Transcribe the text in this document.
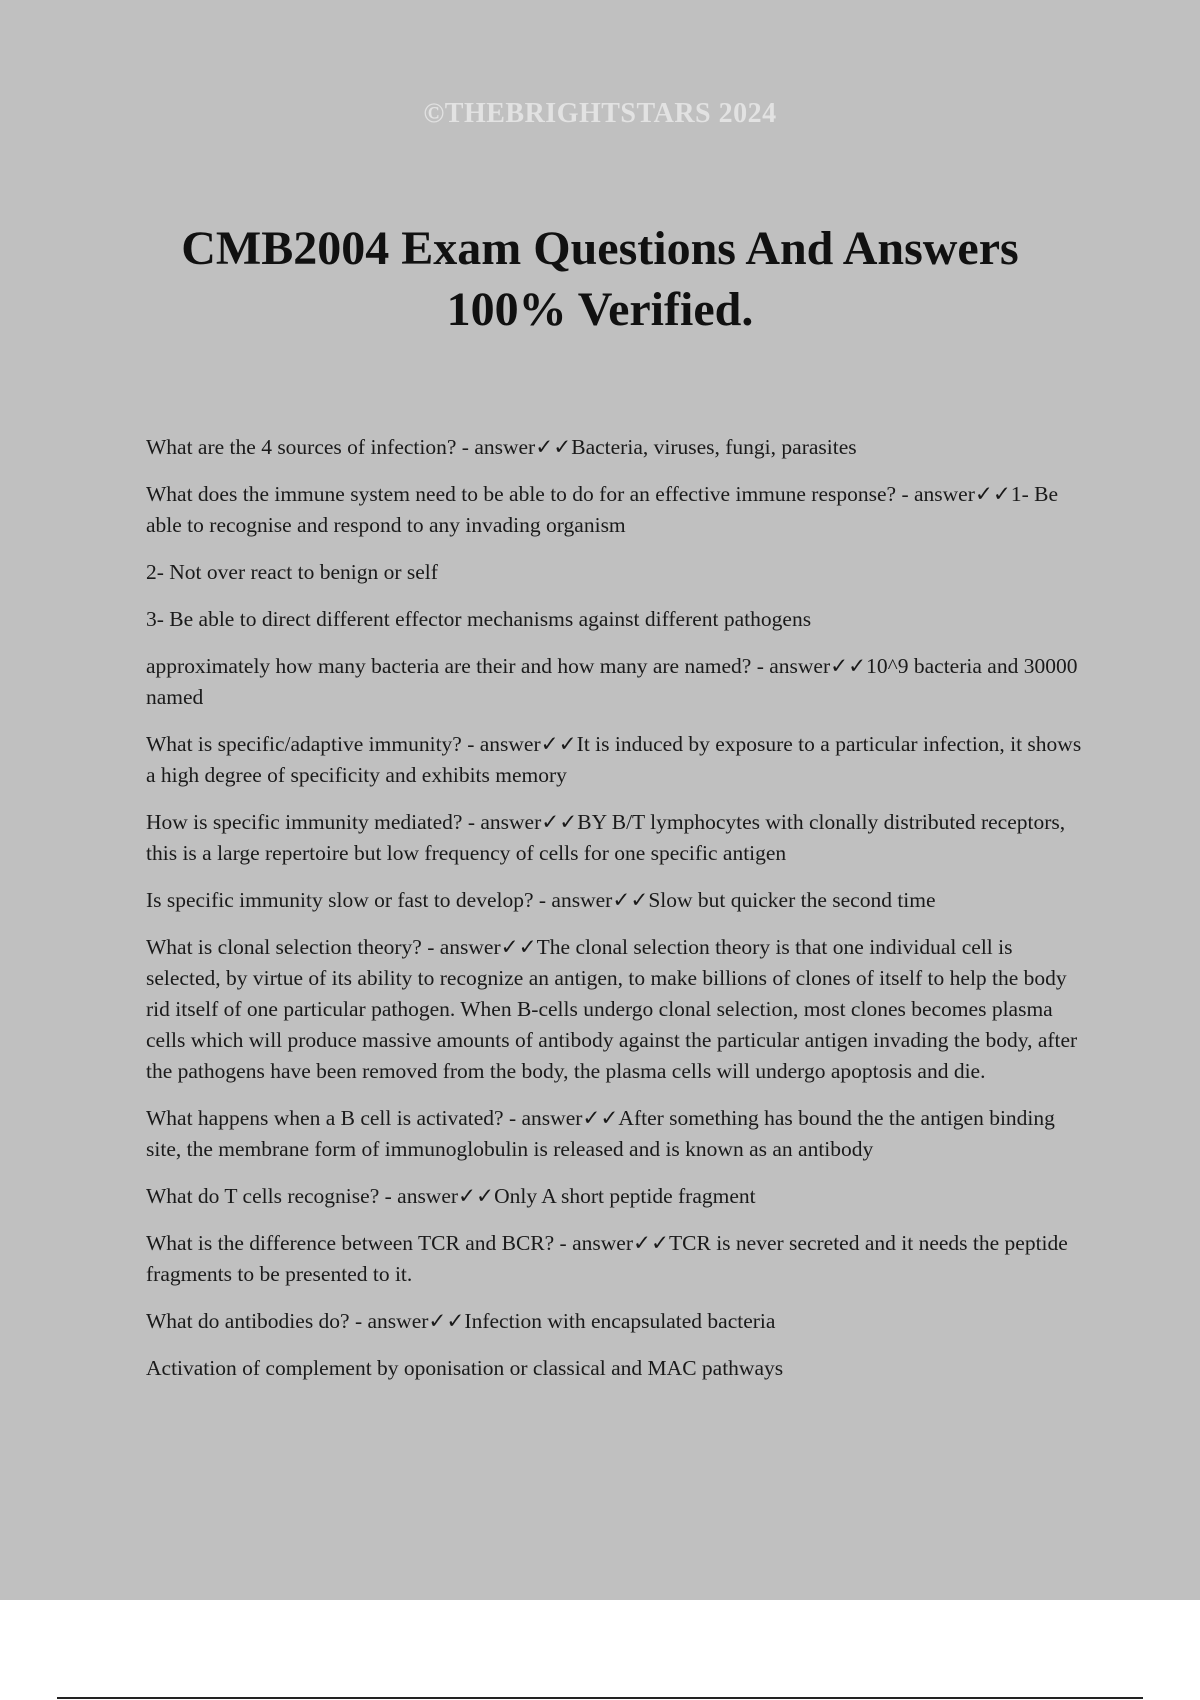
©THEBRIGHTSTARS 2024
CMB2004 Exam Questions And Answers
100% Verified.
What are the 4 sources of infection? - answer✓✓Bacteria, viruses, fungi, parasites
What does the immune system need to be able to do for an effective immune response? - answer✓✓1- Be able to recognise and respond to any invading organism
2- Not over react to benign or self
3- Be able to direct different effector mechanisms against different pathogens
approximately how many bacteria are their and how many are named? - answer✓✓10^9 bacteria and 30000 named
What is specific/adaptive immunity? - answer✓✓It is induced by exposure to a particular infection, it shows a high degree of specificity and exhibits memory
How is specific immunity mediated? - answer✓✓BY B/T lymphocytes with clonally distributed receptors, this is a large repertoire but low frequency of cells for one specific antigen
Is specific immunity slow or fast to develop? - answer✓✓Slow but quicker the second time
What is clonal selection theory? - answer✓✓The clonal selection theory is that one individual cell is selected, by virtue of its ability to recognize an antigen, to make billions of clones of itself to help the body rid itself of one particular pathogen. When B-cells undergo clonal selection, most clones becomes plasma cells which will produce massive amounts of antibody against the particular antigen invading the body, after the pathogens have been removed from the body, the plasma cells will undergo apoptosis and die.
What happens when a B cell is activated? - answer✓✓After something has bound the the antigen binding site, the membrane form of immunoglobulin is released and is known as an antibody
What do T cells recognise? - answer✓✓Only A short peptide fragment
What is the difference between TCR and BCR? - answer✓✓TCR is never secreted and it needs the peptide fragments to be presented to it.
What do antibodies do? - answer✓✓Infection with encapsulated bacteria
Activation of complement by oponisation or classical and MAC pathways
